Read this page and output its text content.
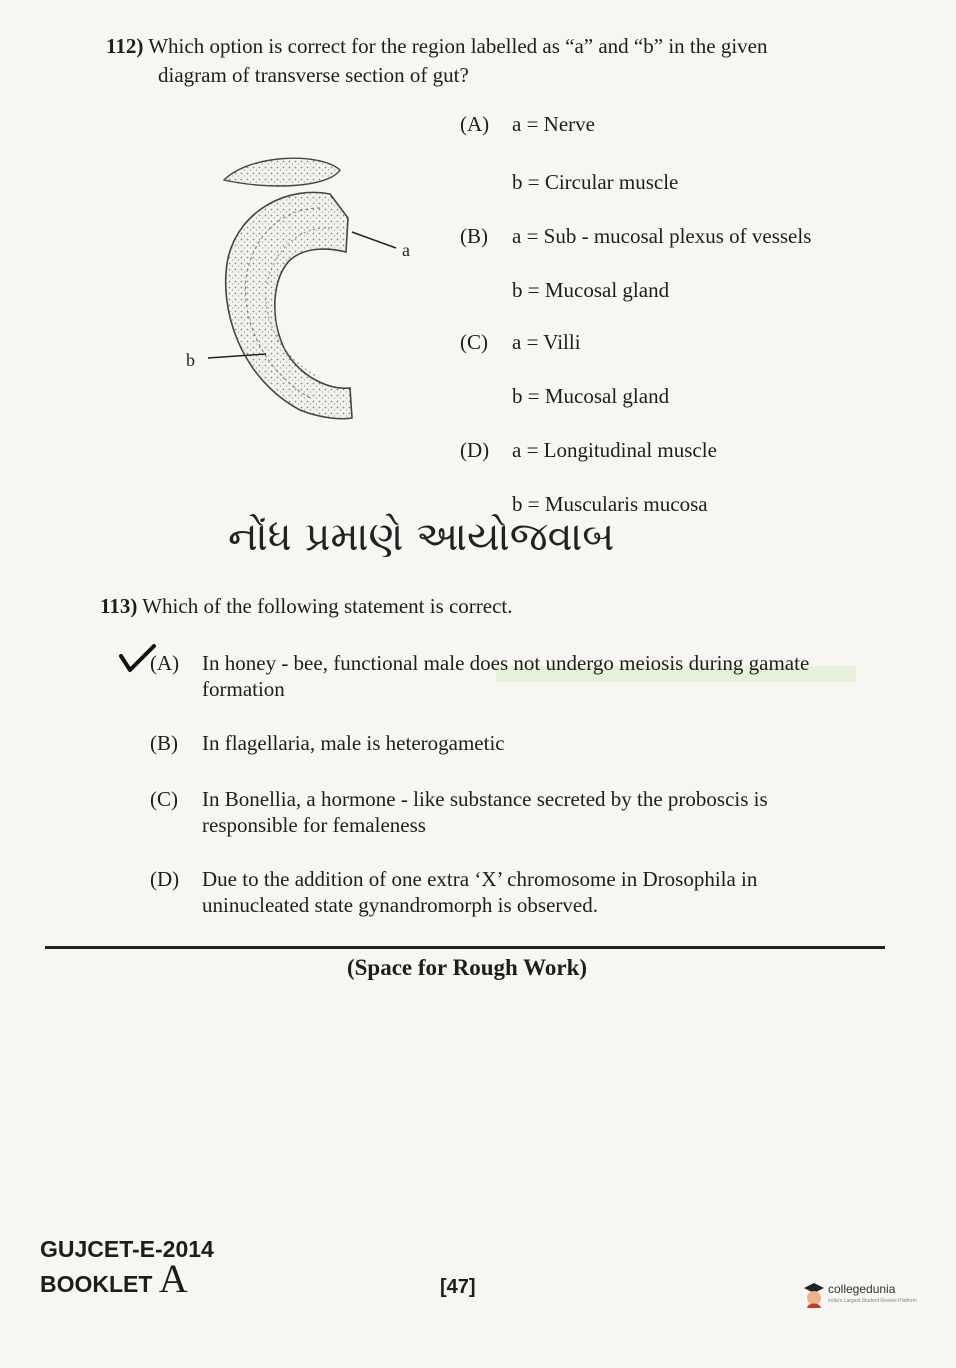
112) Which option is correct for the region labelled as “a” and “b” in the given
diagram of transverse section of gut?
a
b
(A) a = Nerve
b = Circular muscle
(B) a = Sub - mucosal plexus of vessels
b = Mucosal gland
(C) a = Villi
b = Mucosal gland
(D) a = Longitudinal muscle
b = Muscularis mucosa
નોંધ પ્રમાણે આયોજવાબ
113) Which of the following statement is correct.
(A) In honey - bee, functional male does not undergo meiosis during gamate
formation
(B) In flagellaria, male is heterogametic
(C) In Bonellia, a hormone - like substance secreted by the proboscis is
responsible for femaleness
(D) Due to the addition of one extra ‘X’ chromosome in Drosophila in
uninucleated state gynandromorph is observed.
(Space for Rough Work)
GUJCET-E-2014
BOOKLET A	[47]	collegedunia
India's Largest Student Review Platform
